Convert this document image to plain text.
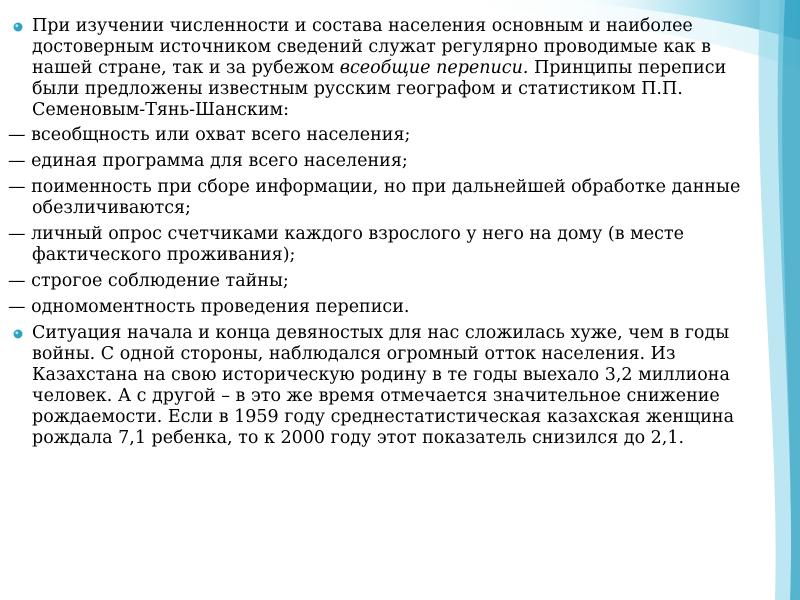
При изучении численности и состава населения основным и наиболее достоверным источником сведений служат регулярно проводимые как в нашей стране, так и за рубежом всеобщие переписи. Принципы переписи были предложены известным русским географом и статистиком П.П. Семеновым-Тянь-Шанским:
— всеобщность или охват всего населения;
— единая программа для всего населения;
— поименность при сборе информации, но при дальнейшей обработке данные обезличиваются;
— личный опрос счетчиками каждого взрослого у него на дому (в месте фактического проживания);
— строгое соблюдение тайны;
— одномоментность проведения переписи.
Ситуация начала и конца девяностых для нас сложилась хуже, чем в годы войны. С одной стороны, наблюдался огромный отток населения. Из Казахстана на свою историческую родину в те годы выехало 3,2 миллиона человек. А с другой – в это же время отмечается значительное снижение рождаемости. Если в 1959 году среднестатистическая казахская женщина рождала 7,1 ребенка, то к 2000 году этот показатель снизился до 2,1.
